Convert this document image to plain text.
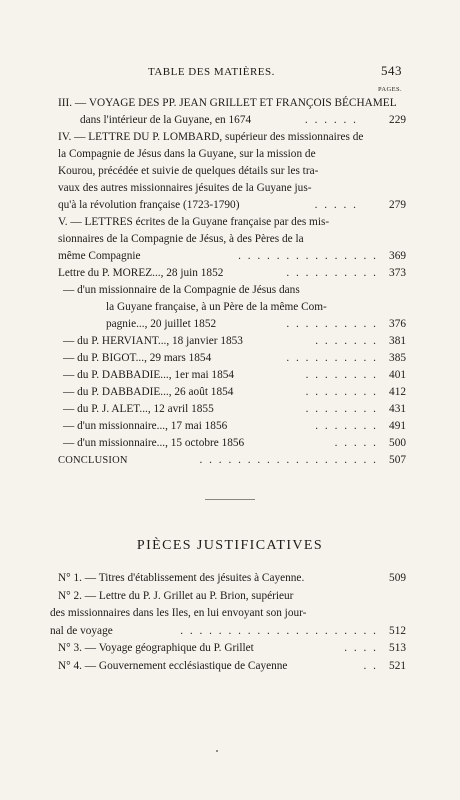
TABLE DES MATIÈRES.	543
PAGES.
III. — VOYAGE DES PP. JEAN GRILLET ET FRANÇOIS BÉCHAMEL
dans l'intérieur de la Guyane, en 1674	. . . . . .	229
IV. — LETTRE DU P. LOMBARD, supérieur des missionnaires de
la Compagnie de Jésus dans la Guyane, sur la mission de
Kourou, précédée et suivie de quelques détails sur les tra-
vaux des autres missionnaires jésuites de la Guyane jus-
qu'à la révolution française (1723-1790)	. . . . .	279
V. — LETTRES écrites de la Guyane française par des mis-
sionnaires de la Compagnie de Jésus, à des Pères de la
même Compagnie	. . . . . . . . . . . . . . . 369
Lettre du P. MOREZ..., 28 juin 1852	. . . . . . . . . . 373
— d'un missionnaire de la Compagnie de Jésus dans
la Guyane française, à un Père de la même Com-
pagnie..., 20 juillet 1852	. . . . . . . . . . 376
— du P. HERVIANT..., 18 janvier 1853	. . . . . . . 381
— du P. BIGOT..., 29 mars 1854	. . . . . . . . . . 385
— du P. DABBADIE..., 1er mai 1854	. . . . . . . . 401
— du P. DABBADIE..., 26 août 1854	. . . . . . . . 412
— du P. J. ALET..., 12 avril 1855	. . . . . . . . 431
— d'un missionnaire..., 17 mai 1856	. . . . . . . 491
— d'un missionnaire..., 15 octobre 1856	. . . . . 500
CONCLUSION	. . . . . . . . . . . . . . . . . . . 507
PIÈCES JUSTIFICATIVES
N° 1. — Titres d'établissement des jésuites à Cayenne.	509
N° 2. — Lettre du P. J. Grillet au P. Brion, supérieur
des missionnaires dans les Iles, en lui envoyant son jour-
nal de voyage	. . . . . . . . . . . . . . . . . . . . . 512
N° 3. — Voyage géographique du P. Grillet	. . . . 513
N° 4. — Gouvernement ecclésiastique de Cayenne	. . 521
